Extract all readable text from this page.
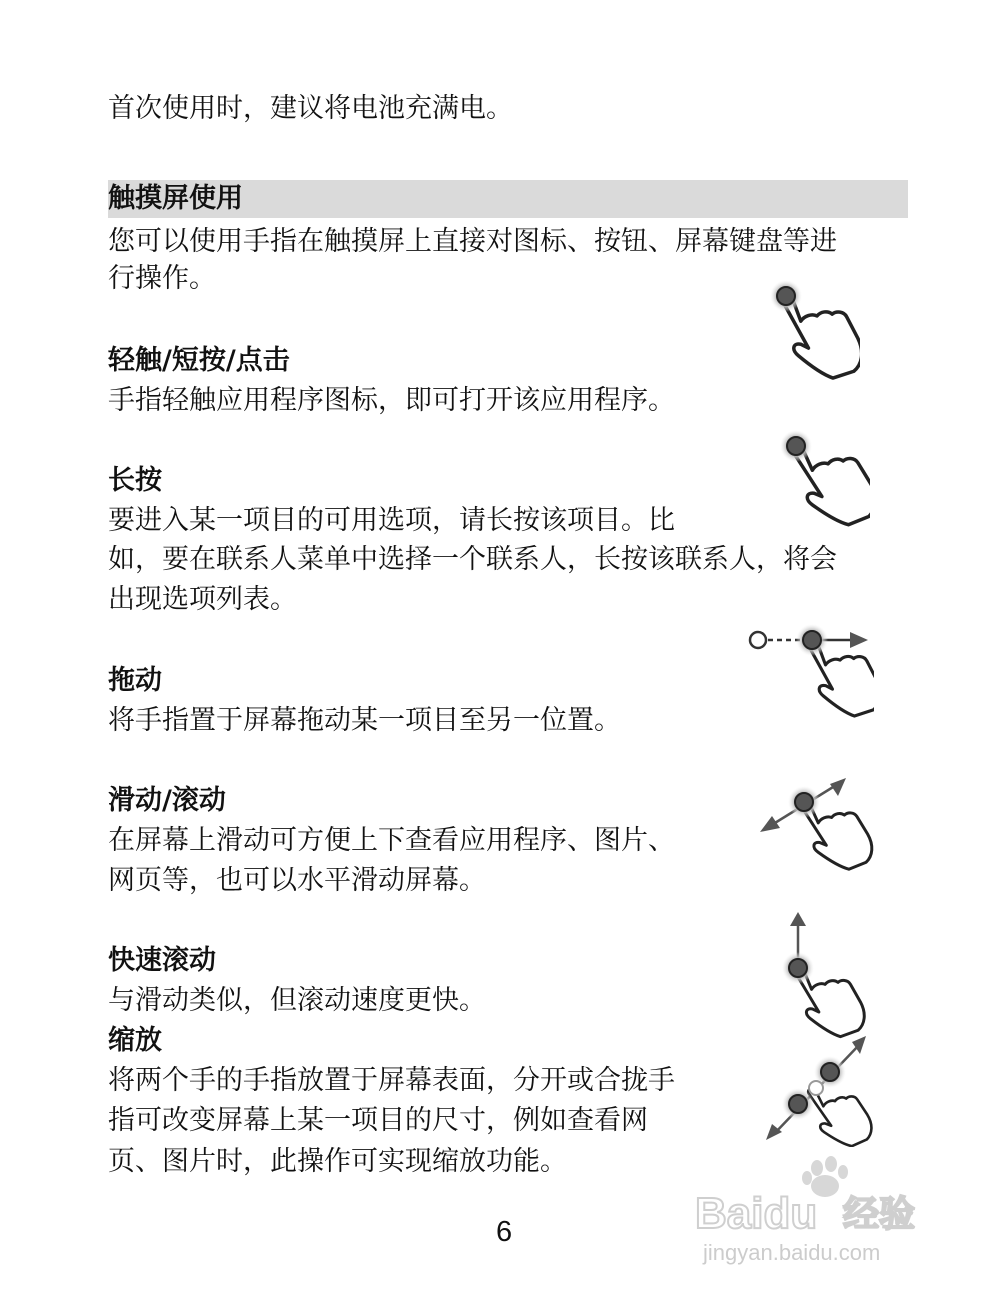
首次使用时，建议将电池充满电。

触摸屏使用

您可以使用手指在触摸屏上直接对图标、按钮、屏幕键盘等进

行操作。

轻触/短按/点击

手指轻触应用程序图标，即可打开该应用程序。

长按

要进入某一项目的可用选项，请长按该项目。比

如，要在联系人菜单中选择一个联系人，长按该联系人，将会

出现选项列表。

拖动

将手指置于屏幕拖动某一项目至另一位置。

滑动/滚动

在屏幕上滑动可方便上下查看应用程序、图片、

网页等，也可以水平滑动屏幕。

快速滚动

与滑动类似，但滚动速度更快。

缩放

将两个手的手指放置于屏幕表面，分开或合拢手

指可改变屏幕上某一项目的尺寸，例如查看网

页、图片时，此操作可实现缩放功能。

6	Baidu 经验
jingyan.baidu.com
